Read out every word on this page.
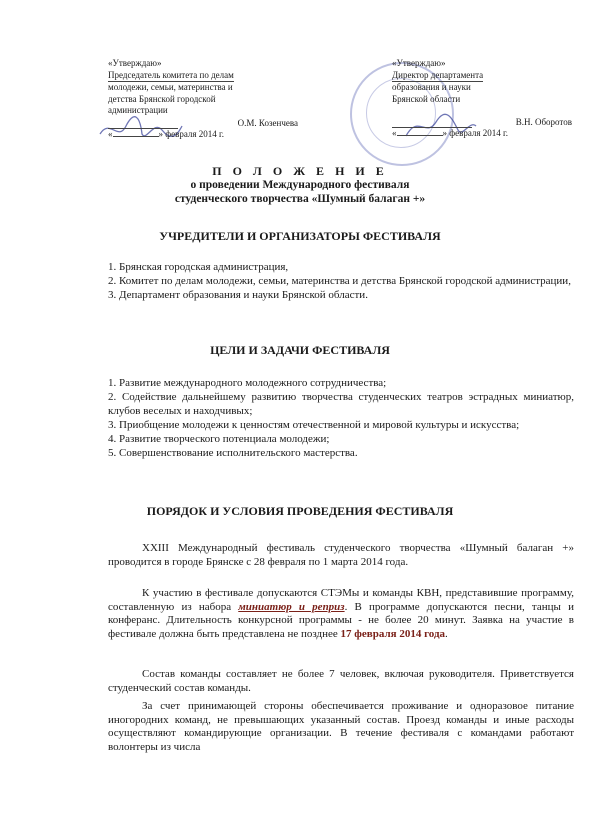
«Утверждаю»
Председатель комитета по делам
молодежи, семьи, материнства и
детства Брянской городской
администрации
О.М. Козенчева
«	» февраля 2014 г.
«Утверждаю»
Директор департамента
образования и науки
Брянской области
В.Н. Оборотов
«	» февраля 2014 г.
П О Л О Ж Е Н И Е
о проведении Международного фестиваля
студенческого творчества «Шумный балаган +»
УЧРЕДИТЕЛИ И ОРГАНИЗАТОРЫ ФЕСТИВАЛЯ
1. Брянская городская администрация,
2. Комитет по делам молодежи, семьи, материнства и детства Брянской городской администрации,
3. Департамент образования и науки Брянской области.
ЦЕЛИ И ЗАДАЧИ ФЕСТИВАЛЯ
1. Развитие международного молодежного сотрудничества;
2. Содействие дальнейшему развитию творчества студенческих театров эстрадных миниатюр, клубов веселых и находчивых;
3. Приобщение молодежи к ценностям отечественной и мировой культуры и искусства;
4. Развитие творческого потенциала молодежи;
5. Совершенствование исполнительского мастерства.
ПОРЯДОК И УСЛОВИЯ ПРОВЕДЕНИЯ ФЕСТИВАЛЯ

XXIII Международный фестиваль студенческого творчества «Шумный балаган +» проводится в городе Брянске с 28 февраля по 1 марта 2014 года.

К участию в фестивале допускаются СТЭМы и команды КВН, представившие программу, составленную из набора миниатюр и реприз. В программе допускаются песни, танцы и конферанс. Длительность конкурсной программы - не более 20 минут. Заявка на участие в фестивале должна быть представлена не позднее 17 февраля 2014 года.

Состав команды составляет не более 7 человек, включая руководителя. Приветствуется студенческий состав команды.

За счет принимающей стороны обеспечивается проживание и одноразовое питание иногородних команд, не превышающих указанный состав. Проезд команды и иные расходы осуществляют командирующие организации. В течение фестиваля с командами работают волонтеры из числа
